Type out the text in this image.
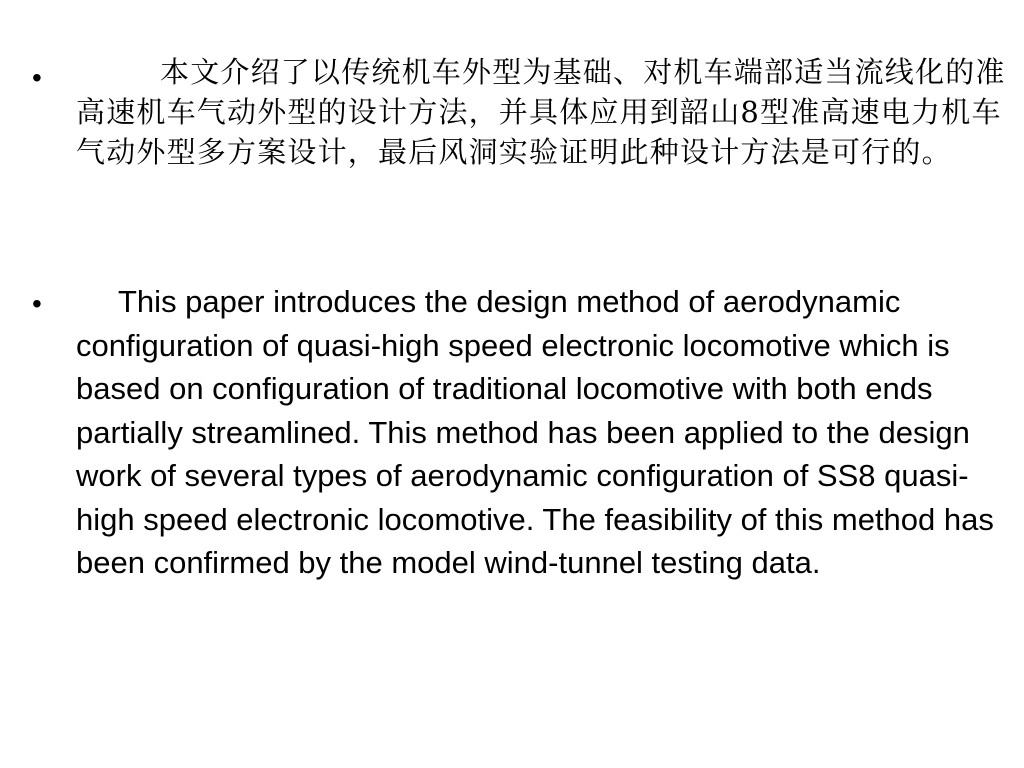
•	本文介绍了以传统机车外型为基础、对机车端部适当流线化的准高速机车气动外型的设计方法，并具体应用到韶山8型准高速电力机车气动外型多方案设计，最后风洞实验证明此种设计方法是可行的。

•	This paper introduces the design method of aerodynamic configuration of quasi-high speed electronic locomotive which is based on configuration of traditional locomotive with both ends partially streamlined. This method has been applied to the design work of several types of aerodynamic configuration of SS8 quasi-high speed electronic locomotive. The feasibility of this method has been confirmed by the model wind-tunnel testing data.
